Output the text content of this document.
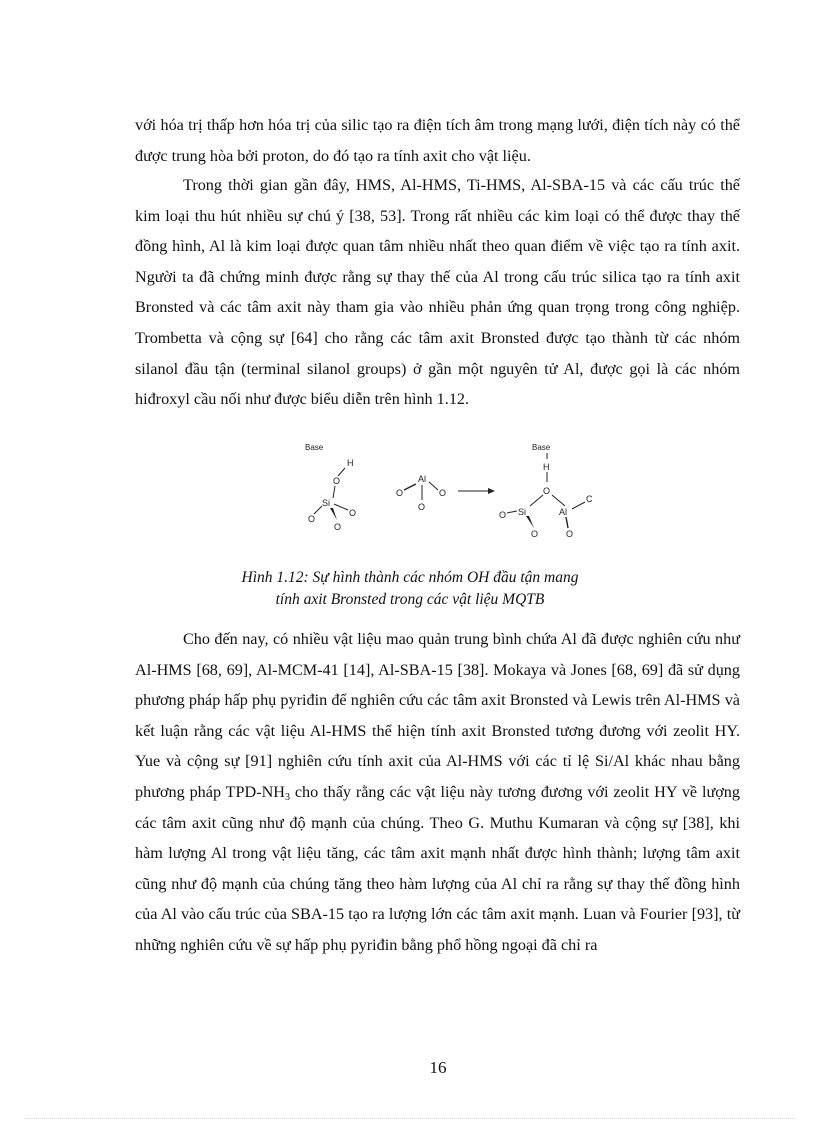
với hóa trị thấp hơn hóa trị của silic tạo ra điện tích âm trong mạng lưới, điện tích này có thể được trung hòa bởi proton, do đó tạo ra tính axit cho vật liệu.

Trong thời gian gần đây, HMS, Al-HMS, Ti-HMS, Al-SBA-15 và các cấu trúc thế kim loại thu hút nhiều sự chú ý [38, 53]. Trong rất nhiều các kim loại có thể được thay thế đồng hình, Al là kim loại được quan tâm nhiều nhất theo quan điểm về việc tạo ra tính axit. Người ta đã chứng minh được rằng sự thay thế của Al trong cấu trúc silica tạo ra tính axit Bronsted và các tâm axit này tham gia vào nhiều phản ứng quan trọng trong công nghiệp. Trombetta và cộng sự [64] cho rằng các tâm axit Bronsted được tạo thành từ các nhóm silanol đầu tận (terminal silanol groups) ở gần một nguyên tử Al, được gọi là các nhóm hiđroxyl cầu nối như được biểu diễn trên hình 1.12.

Base
H
O
Si
O
O
O
Al
O	O
O
Base
H
O
Si	Al
O
O
C
O
Hình 1.12: Sự hình thành các nhóm OH đầu tận mang
tính axit Bronsted trong các vật liệu MQTB

Cho đến nay, có nhiều vật liệu mao quản trung bình chứa Al đã được nghiên cứu như Al-HMS [68, 69], Al-MCM-41 [14], Al-SBA-15 [38]. Mokaya và Jones [68, 69] đã sử dụng phương pháp hấp phụ pyriđin để nghiên cứu các tâm axit Bronsted và Lewis trên Al-HMS và kết luận rằng các vật liệu Al-HMS thể hiện tính axit Bronsted tương đương với zeolit HY. Yue và cộng sự [91] nghiên cứu tính axit của Al-HMS với các tỉ lệ Si/Al khác nhau bằng phương pháp TPD-$NH_3$ cho thấy rằng các vật liệu này tương đương với zeolit HY về lượng các tâm axit cũng như độ mạnh của chúng. Theo G. Muthu Kumaran và cộng sự [38], khi hàm lượng Al trong vật liệu tăng, các tâm axit mạnh nhất được hình thành; lượng tâm axit cũng như độ mạnh của chúng tăng theo hàm lượng của Al chỉ ra rằng sự thay thế đồng hình của Al vào cấu trúc của SBA-15 tạo ra lượng lớn các tâm axit mạnh. Luan và Fourier [93], từ những nghiên cứu về sự hấp phụ pyriđin bằng phổ hồng ngoại đã chỉ ra

16
